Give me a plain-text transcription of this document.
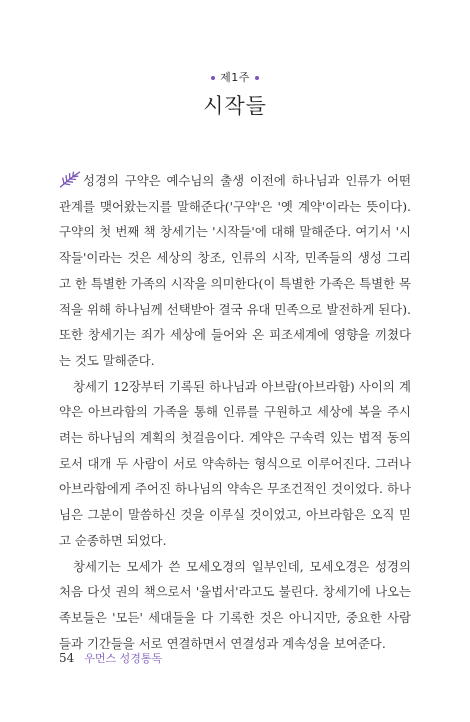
제1주
시작들

성경의 구약은 예수님의 출생 이전에 하나님과 인류가 어떤 관계를 맺어왔는지를 말해준다('구약'은 '옛 계약'이라는 뜻이다). 구약의 첫 번째 책 창세기는 '시작들'에 대해 말해준다. 여기서 '시작들'이라는 것은 세상의 창조, 인류의 시작, 민족들의 생성 그리고 한 특별한 가족의 시작을 의미한다(이 특별한 가족은 특별한 목적을 위해 하나님께 선택받아 결국 유대 민족으로 발전하게 된다). 또한 창세기는 죄가 세상에 들어와 온 피조세계에 영향을 끼쳤다는 것도 말해준다.

창세기 12장부터 기록된 하나님과 아브람(아브라함) 사이의 계약은 아브라함의 가족을 통해 인류를 구원하고 세상에 복을 주시려는 하나님의 계획의 첫걸음이다. 계약은 구속력 있는 법적 동의로서 대개 두 사람이 서로 약속하는 형식으로 이루어진다. 그러나 아브라함에게 주어진 하나님의 약속은 무조건적인 것이었다. 하나님은 그분이 말씀하신 것을 이루실 것이었고, 아브라함은 오직 믿고 순종하면 되었다.

창세기는 모세가 쓴 모세오경의 일부인데, 모세오경은 성경의 처음 다섯 권의 책으로서 '율법서'라고도 불린다. 창세기에 나오는 족보들은 '모든' 세대들을 다 기록한 것은 아니지만, 중요한 사람들과 기간들을 서로 연결하면서 연결성과 계속성을 보여준다.

54 우먼스 성경통독
